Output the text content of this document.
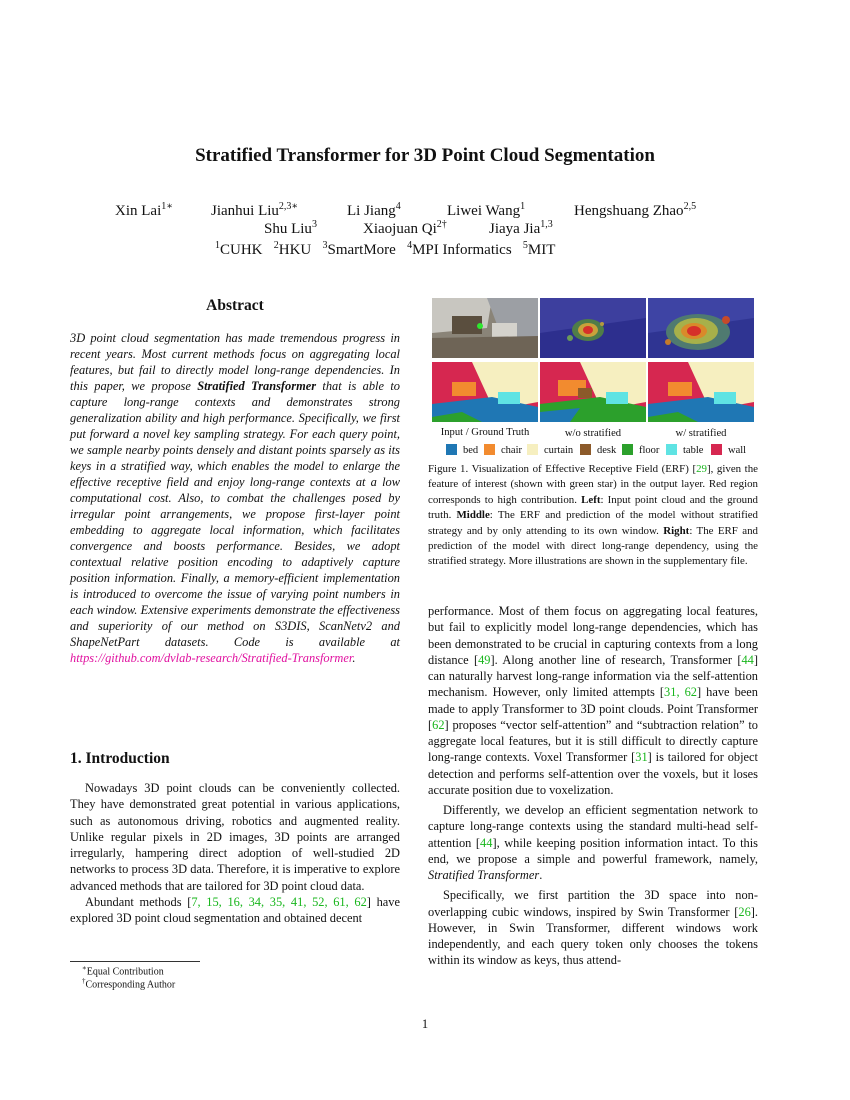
Stratified Transformer for 3D Point Cloud Segmentation
Xin Lai$^{1∗}$	Jianhui Liu$^{2,3∗}$	Li Jiang$^4$	Liwei Wang$^1$	Hengshuang Zhao$^{2,5}$
Shu Liu$^3$	Xiaojuan $Qi^{2\dagger}$	Jiaya Jia$^{1,3}$
$^1$CUHK $^2$HKU $^3$SmartMore $^4$MPI Informatics $^5$MIT
Abstract
3D point cloud segmentation has made tremendous progress in recent years. Most current methods focus on aggregating local features, but fail to directly model long-range dependencies. In this paper, we propose Stratified Transformer that is able to capture long-range contexts and demonstrates strong generalization ability and high performance. Specifically, we first put forward a novel key sampling strategy. For each query point, we sample nearby points densely and distant points sparsely as its keys in a stratified way, which enables the model to enlarge the effective receptive field and enjoy long-range contexts at a low computational cost. Also, to combat the challenges posed by irregular point arrangements, we propose first-layer point embedding to aggregate local information, which facilitates convergence and boosts performance. Besides, we adopt contextual relative position encoding to adaptively capture position information. Finally, a memory-efficient implementation is introduced to overcome the issue of varying point numbers in each window. Extensive experiments demonstrate the effectiveness and superiority of our method on S3DIS, ScanNetv2 and ShapeNetPart datasets. Code is available at https://github.com/dvlab-research/Stratified-Transformer.
1. Introduction

Nowadays 3D point clouds can be conveniently collected. They have demonstrated great potential in various applications, such as autonomous driving, robotics and augmented reality. Unlike regular pixels in 2D images, 3D points are arranged irregularly, hampering direct adoption of well-studied 2D networks to process 3D data. Therefore, it is imperative to explore advanced methods that are tailored for 3D point cloud data.

Abundant methods [7, 15, 16, 34, 35, 41, 52, 61, 62] have explored 3D point cloud segmentation and obtained decent

∗Equal Contribution
†Corresponding Author
Input / Ground Truth	w/o stratified	w/ stratified
bed	chair	curtain	desk	floor	table	wall
Figure 1. Visualization of Effective Receptive Field (ERF) [29], given the feature of interest (shown with green star) in the output layer. Red region corresponds to high contribution. Left: Input point cloud and the ground truth. Middle: The ERF and prediction of the model without stratified strategy and by only attending to its own window. Right: The ERF and prediction of the model with direct long-range dependency, using the stratified strategy. More illustrations are shown in the supplementary file.

performance. Most of them focus on aggregating local features, but fail to explicitly model long-range dependencies, which has been demonstrated to be crucial in capturing contexts from a long distance [49]. Along another line of research, Transformer [44] can naturally harvest long-range information via the self-attention mechanism. However, only limited attempts [31, 62] have been made to apply Transformer to 3D point clouds. Point Transformer [62] proposes “vector self-attention” and “subtraction relation” to aggregate local features, but it is still difficult to directly capture long-range contexts. Voxel Transformer [31] is tailored for object detection and performs self-attention over the voxels, but it loses accurate position due to voxelization.

Differently, we develop an efficient segmentation network to capture long-range contexts using the standard multi-head self-attention [44], while keeping position information intact. To this end, we propose a simple and powerful framework, namely, Stratified Transformer.

Specifically, we first partition the 3D space into non-overlapping cubic windows, inspired by Swin Transformer [26]. However, in Swin Transformer, different windows work independently, and each query token only chooses the tokens within its window as keys, thus attend-

1
